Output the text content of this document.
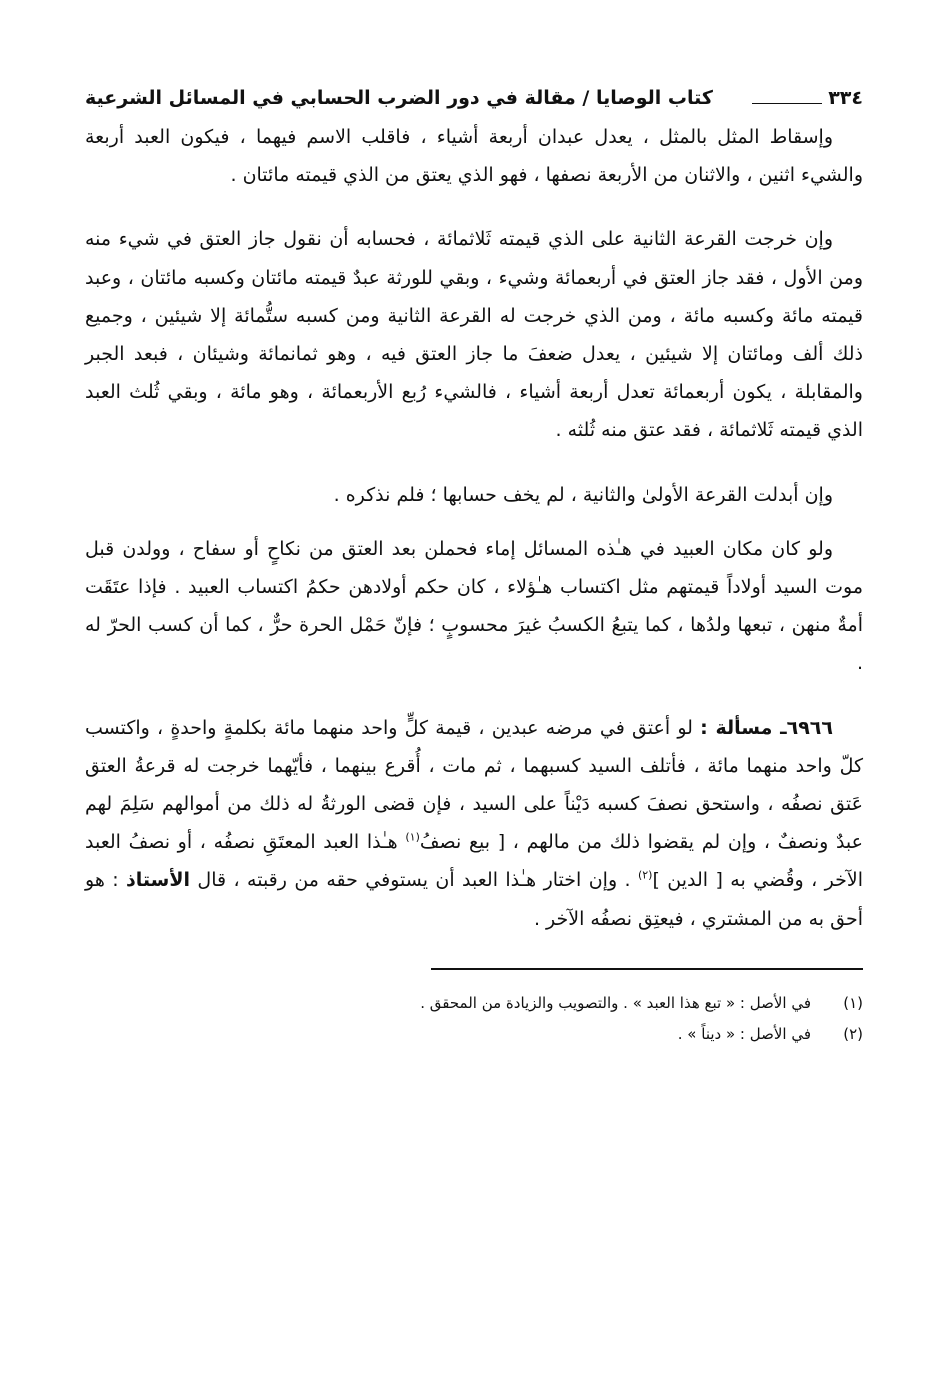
٣٣٤
كتاب الوصايا / مقالة في دور الضرب الحسابي في المسائل الشرعية

وإسقاط المثل بالمثل ، يعدل عبدان أربعة أشياء ، فاقلب الاسم فيهما ، فيكون العبد أربعة والشيء اثنين ، والاثنان من الأربعة نصفها ، فهو الذي يعتق من الذي قيمته مائتان .

وإن خرجت القرعة الثانية على الذي قيمته ثَلاثمائة ، فحسابه أن نقول جاز العتق في شيء منه ومن الأول ، فقد جاز العتق في أربعمائة وشيء ، وبقي للورثة عبدٌ قيمته مائتان وكسبه مائتان ، وعبد قيمته مائة وكسبه مائة ، ومن الذي خرجت له القرعة الثانية ومن كسبه ستُّمائة إلا شيئين ، وجميع ذلك ألف ومائتان إلا شيئين ، يعدل ضعفَ ما جاز العتق فيه ، وهو ثمانمائة وشيئان ، فبعد الجبر والمقابلة ، يكون أربعمائة تعدل أربعة أشياء ، فالشيء رُبع الأربعمائة ، وهو مائة ، وبقي ثُلث العبد الذي قيمته ثَلاثمائة ، فقد عتق منه ثُلثه .

وإن أبدلت القرعة الأولىٰ والثانية ، لم يخف حسابها ؛ فلم نذكره .

ولو كان مكان العبيد في هـٰذه المسائل إماء فحملن بعد العتق من نكاحٍ أو سفاح ، وولدن قبل موت السيد أولاداً قيمتهم مثل اكتساب هـٰؤلاء ، كان حكم أولادهن حكمُ اكتساب العبيد . فإذا عتَقَت أمةٌ منهن ، تبعها ولدُها ، كما يتبعُ الكسبُ غيرَ محسوبٍ ؛ فإنّ حَمْل الحرة حرٌّ ، كما أن كسب الحرّ له .

٦٩٦٦ـ مسألة : لو أعتق في مرضه عبدين ، قيمة كلٍّ واحد منهما مائة بكلمةٍ واحدةٍ ، واكتسب كلّ واحد منهما مائة ، فأتلف السيد كسبهما ، ثم مات ، أُقرع بينهما ، فأيّهما خرجت له قرعةُ العتق عَتق نصفُه ، واستحق نصفَ كسبه دَيْناً على السيد ، فإن قضى الورثةُ له ذلك من أموالهم سَلِمَ لهم عبدٌ ونصفٌ ، وإن لم يقضوا ذلك من مالهم ، [ بيع نصفُ$^{(١)}$ هـٰذا العبد المعتَقِ نصفُه ، أو نصفُ العبد الآخر ، وقُضي به [ الدين ]$^{(٢)}$ . وإن اختار هـٰذا العبد أن يستوفي حقه من رقبته ، قال الأستاذ : هو أحق به من المشتري ، فيعتِق نصفُه الآخر .

(١)
في الأصل : « تبع هذا العبد » . والتصويب والزيادة من المحقق .
(٢)
في الأصل : « ديناً » .
